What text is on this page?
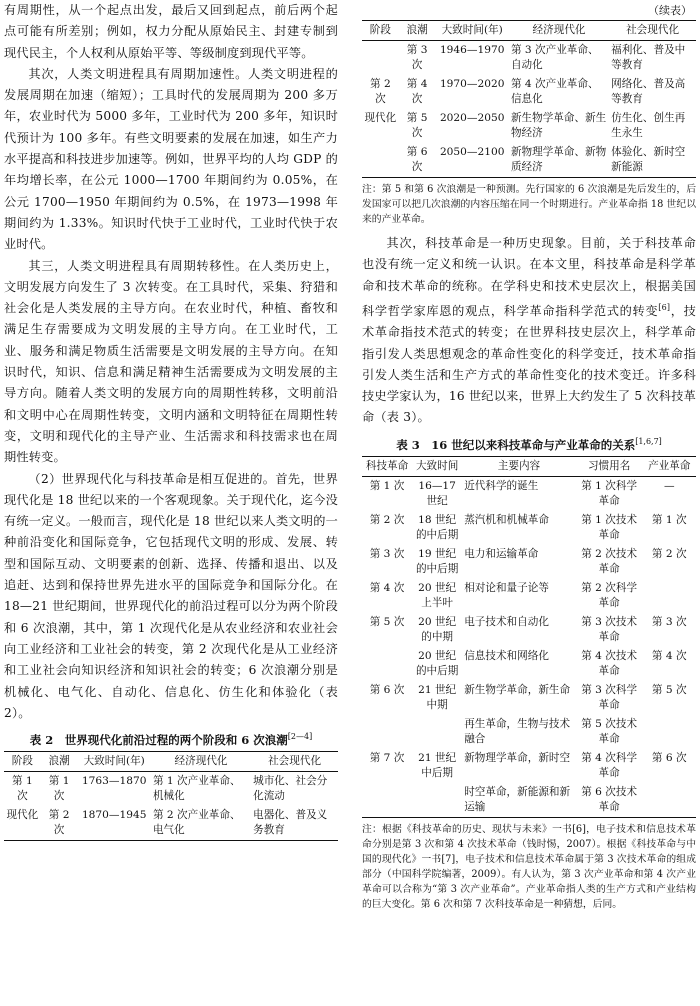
有周期性，从一个起点出发，最后又回到起点，前后两个起点可能有所差别；例如，权力分配从原始民主、封建专制到现代民主，个人权利从原始平等、等级制度到现代平等。

其次，人类文明进程具有周期加速性。人类文明进程的发展周期在加速（缩短）；工具时代的发展周期为 200 多万年，农业时代为 5000 多年，工业时代为 200 多年，知识时代预计为 100 多年。有些文明要素的发展在加速，如生产力水平提高和科技进步加速等。例如，世界平均的人均 GDP 的年均增长率，在公元 1000—1700 年期间约为 0.05%，在公元 1700—1950 年期间约为 0.5%，在 1973—1998 年期间约为 1.33%。知识时代快于工业时代，工业时代快于农业时代。

其三，人类文明进程具有周期转移性。在人类历史上，文明发展方向发生了 3 次转变。在工具时代，采集、狩猎和社会化是人类发展的主导方向。在农业时代，种植、畜牧和满足生存需要成为文明发展的主导方向。在工业时代，工业、服务和满足物质生活需要是文明发展的主导方向。在知识时代，知识、信息和满足精神生活需要成为文明发展的主导方向。随着人类文明的发展方向的周期性转移，文明前沿和文明中心在周期性转变，文明内涵和文明特征在周期性转变，文明和现代化的主导产业、生活需求和科技需求也在周期性转变。

（2）世界现代化与科技革命是相互促进的。首先，世界现代化是 18 世纪以来的一个客观现象。关于现代化，迄今没有统一定义。一般而言，现代化是 18 世纪以来人类文明的一种前沿变化和国际竞争，它包括现代文明的形成、发展、转型和国际互动、文明要素的创新、选择、传播和退出、以及追赶、达到和保持世界先进水平的国际竞争和国际分化。在 18—21 世纪期间，世界现代化的前沿过程可以分为两个阶段和 6 次浪潮，其中，第 1 次现代化是从农业经济和农业社会向工业经济和工业社会的转变，第 2 次现代化是从工业经济和工业社会向知识经济和知识社会的转变；6 次浪潮分别是机械化、电气化、自动化、信息化、仿生化和体验化（表 2）。

表 2　世界现代化前沿过程的两个阶段和 6 次浪潮[2—4]
阶段	浪潮	大致时间(年)	经济现代化	社会现代化
第 1 次	第 1 次	1763—1870	第 1 次产业革命、机械化	城市化、社会分化流动
现代化	第 2 次	1870—1945	第 2 次产业革命、电气化	电器化、普及义务教育
（续表）
阶段	浪潮	大致时间(年)	经济现代化	社会现代化
	第 3 次	1946—1970	第 3 次产业革命、自动化	福利化、普及中等教育
第 2 次	第 4 次	1970—2020	第 4 次产业革命、信息化	网络化、普及高等教育
现代化	第 5 次	2020—2050	新生物学革命、新生物经济	仿生化、创生再生永生
	第 6 次	2050—2100	新物理学革命、新物质经济	体验化、新时空新能源

注：第 5 和第 6 次浪潮是一种预测。先行国家的 6 次浪潮是先后发生的，后发国家可以把几次浪潮的内容压缩在同一个时期进行。产业革命指 18 世纪以来的产业革命。

其次，科技革命是一种历史现象。目前，关于科技革命也没有统一定义和统一认识。在本文里，科技革命是科学革命和技术革命的统称。在学科史和技术史层次上，根据美国科学哲学家库恩的观点，科学革命指科学范式的转变[6]，技术革命指技术范式的转变；在世界科技史层次上，科学革命指引发人类思想观念的革命性变化的科学变迁，技术革命指引发人类生活和生产方式的革命性变化的技术变迁。许多科技史学家认为，16 世纪以来，世界上大约发生了 5 次科技革命（表 3）。

表 3　16 世纪以来科技革命与产业革命的关系[1,6,7]
科技革命	大致时间	主要内容	习惯用名	产业革命
第 1 次	16—17 世纪	近代科学的诞生	第 1 次科学革命	—
第 2 次	18 世纪的中后期	蒸汽机和机械革命	第 1 次技术革命	第 1 次
第 3 次	19 世纪的中后期	电力和运输革命	第 2 次技术革命	第 2 次
第 4 次	20 世纪上半叶	相对论和量子论等	第 2 次科学革命	
第 5 次	20 世纪的中期	电子技术和自动化	第 3 次技术革命	第 3 次
	20 世纪的中后期	信息技术和网络化	第 4 次技术革命	第 4 次
第 6 次	21 世纪中期	新生物学革命，新生命	第 3 次科学革命	第 5 次
		再生革命，生物与技术融合	第 5 次技术革命	
第 7 次	21 世纪中后期	新物理学革命，新时空	第 4 次科学革命	第 6 次
		时空革命，新能源和新运输	第 6 次技术革命	

注：根据《科技革命的历史、现状与未来》一书[6]，电子技术和信息技术革命分别是第 3 次和第 4 次技术革命（钱时惕，2007）。根据《科技革命与中国的现代化》一书[7]，电子技术和信息技术革命属于第 3 次技术革命的组成部分（中国科学院编著，2009）。有人认为，第 3 次产业革命和第 4 次产业革命可以合称为“第 3 次产业革命”。产业革命指人类的生产方式和产业结构的巨大变化。第 6 次和第 7 次科技革命是一种猜想，后同。
